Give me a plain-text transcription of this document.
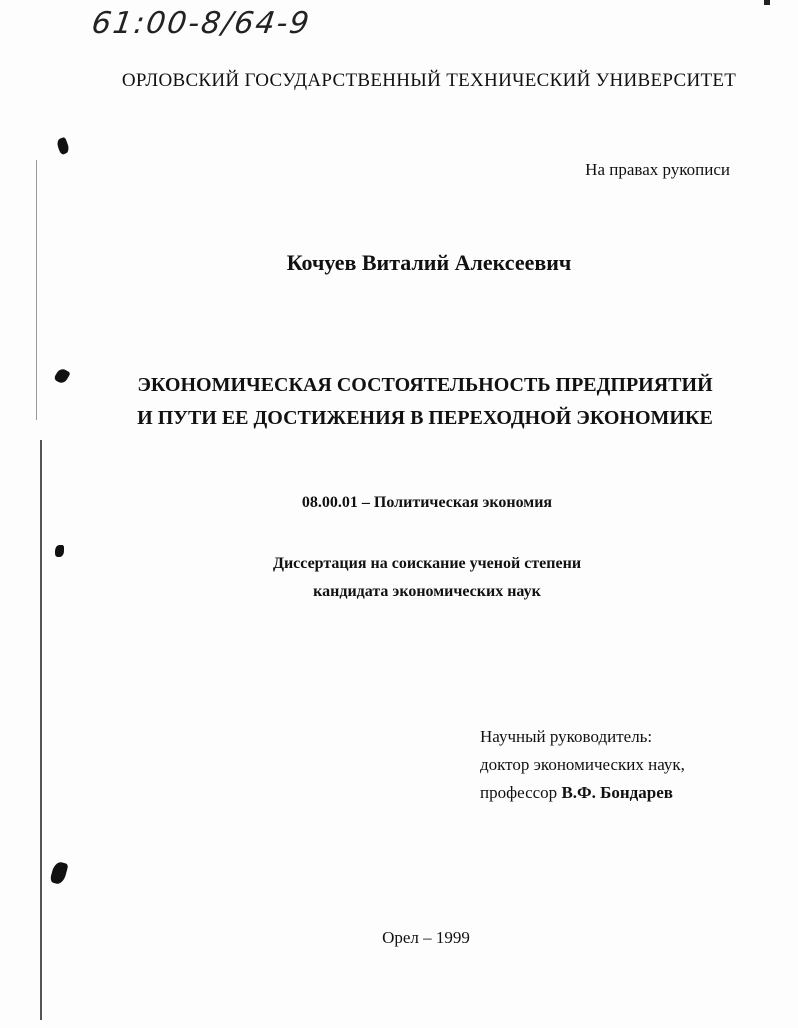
61:00-8/64-9
ОРЛОВСКИЙ ГОСУДАРСТВЕННЫЙ ТЕХНИЧЕСКИЙ УНИВЕРСИТЕТ
На правах рукописи
Кочуев Виталий Алексеевич
ЭКОНОМИЧЕСКАЯ СОСТОЯТЕЛЬНОСТЬ ПРЕДПРИЯТИЙ
И ПУТИ ЕЕ ДОСТИЖЕНИЯ В ПЕРЕХОДНОЙ ЭКОНОМИКЕ
08.00.01 – Политическая экономия
Диссертация на соискание ученой степени
кандидата экономических наук
Научный руководитель:
доктор экономических наук,
профессор В.Ф. Бондарев
Орел – 1999
